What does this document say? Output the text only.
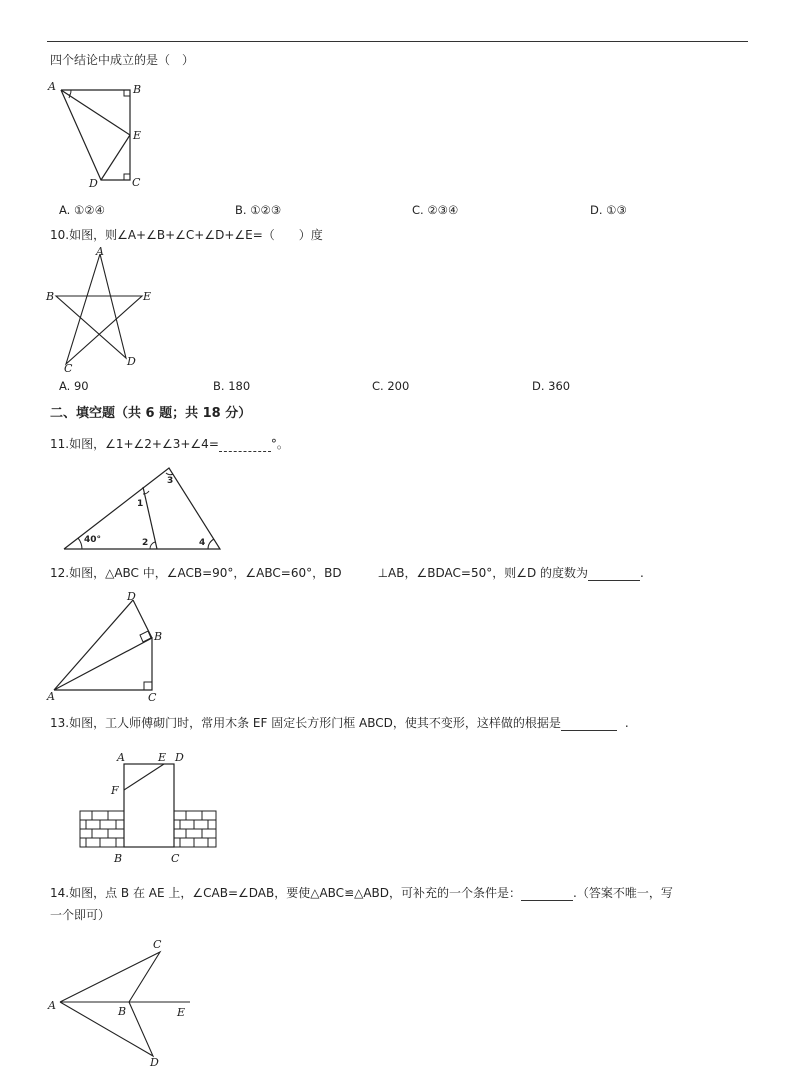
四个结论中成立的是（　）
A	B
E
C
D
A. ①②④	B. ①②③	C. ②③④	D. ①③
10.如图，则∠A+∠B+∠C+∠D+∠E=（　　）度
A
B	E
C
D
A. 90	B. 180	C. 200	D. 360
二、填空题（共 6 题；共 18 分）
11.如图，∠1+∠2+∠3+∠4=	°。
40°
1
2
3
4
12.如图，△ABC 中，∠ACB=90°，∠ABC=60°，BD	⊥AB，∠BDAC=50°，则∠D 的度数为	.
A
B
C
D
13.如图，工人师傅砌门时，常用木条 EF 固定长方形门框 ABCD，使其不变形，这样做的根据是	.
A	E D
F
B	C
14.如图，点 B 在 AE 上，∠CAB=∠DAB，要使△ABC≌△ABD，可补充的一个条件是：	.（答案不唯一，写
一个即可）
A	B
C
D
E
